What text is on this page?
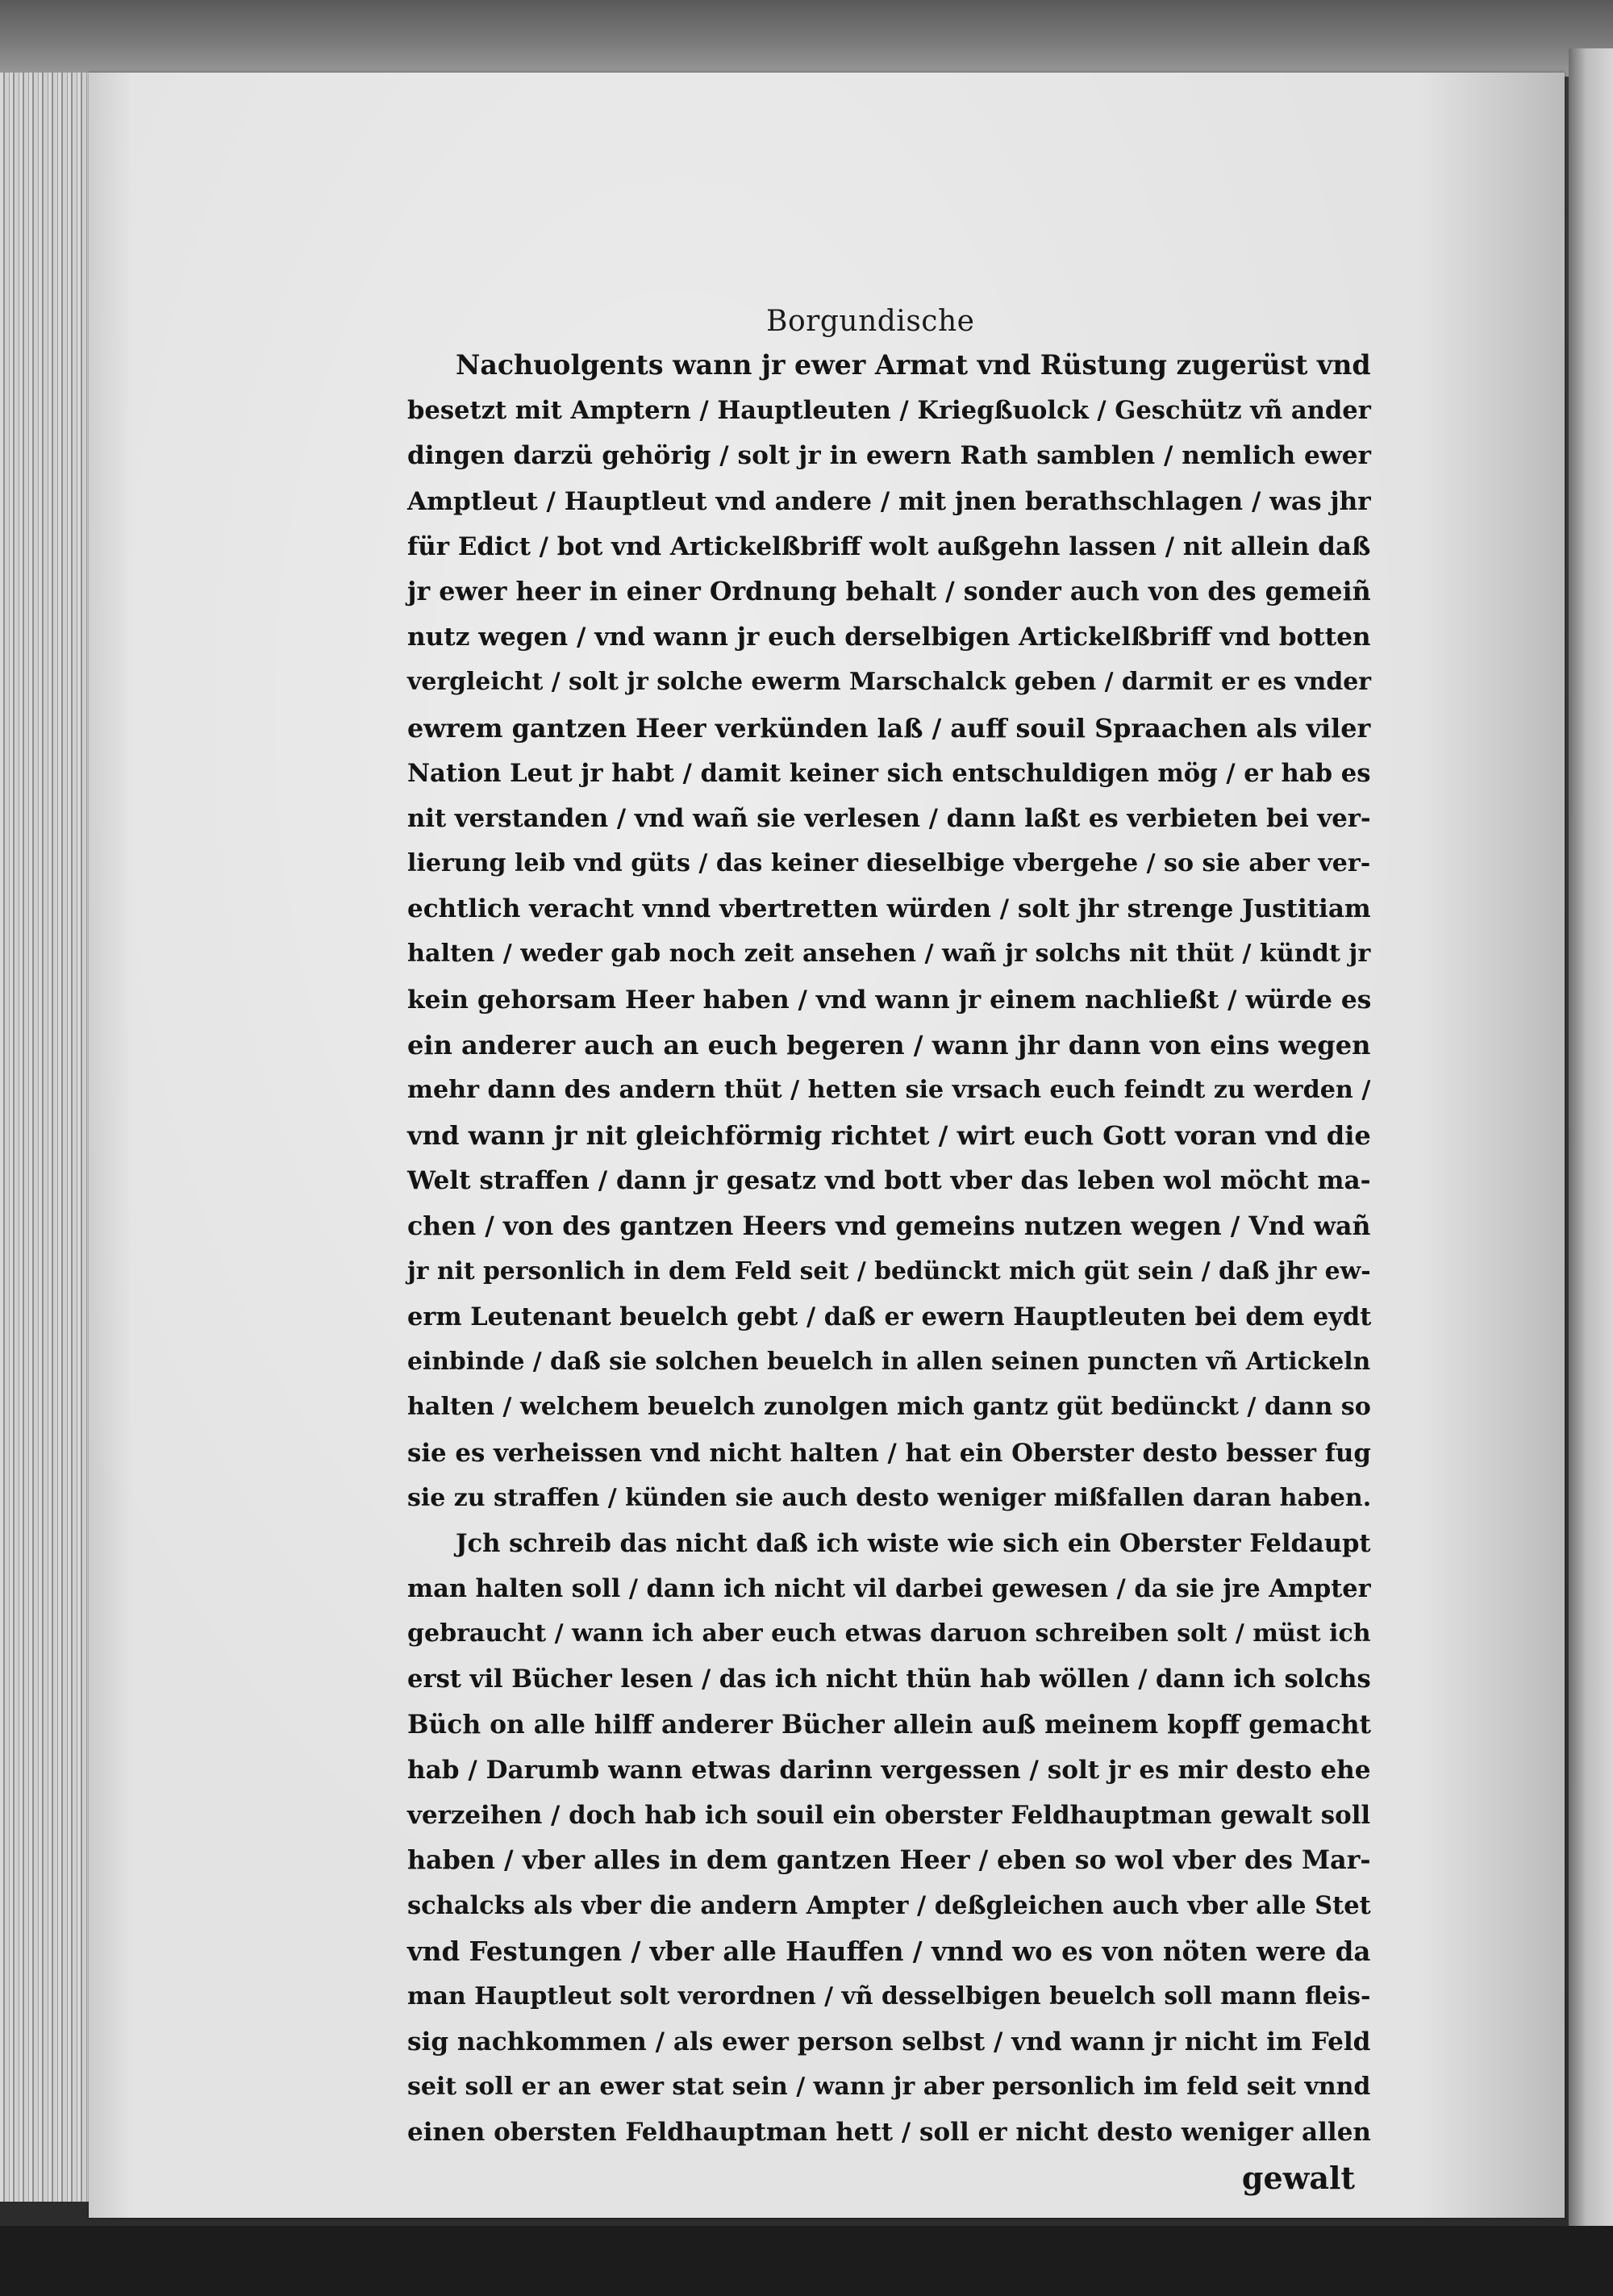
Borgundische
Nachuolgents wann jr ewer Armat vnd Rüstung zugerüst vnd
besetzt mit Amptern / Hauptleuten / Kriegßuolck / Geschütz vñ ander
dingen darzü gehörig / solt jr in ewern Rath samblen / nemlich ewer
Amptleut / Hauptleut vnd andere / mit jnen berathschlagen / was jhr
für Edict / bot vnd Artickelßbriff wolt außgehn lassen / nit allein daß
jr ewer heer in einer Ordnung behalt / sonder auch von des gemeiñ
nutz wegen / vnd wann jr euch derselbigen Artickelßbriff vnd botten
vergleicht / solt jr solche ewerm Marschalck geben / darmit er es vnder
ewrem gantzen Heer verkünden laß / auff souil Spraachen als viler
Nation Leut jr habt / damit keiner sich entschuldigen mög / er hab es
nit verstanden / vnd wañ sie verlesen / dann laßt es verbieten bei ver-
lierung leib vnd güts / das keiner dieselbige vbergehe / so sie aber ver-
echtlich veracht vnnd vbertretten würden / solt jhr strenge Justitiam
halten / weder gab noch zeit ansehen / wañ jr solchs nit thüt / kündt jr
kein gehorsam Heer haben / vnd wann jr einem nachließt / würde es
ein anderer auch an euch begeren / wann jhr dann von eins wegen
mehr dann des andern thüt / hetten sie vrsach euch feindt zu werden /
vnd wann jr nit gleichförmig richtet / wirt euch Gott voran vnd die
Welt straffen / dann jr gesatz vnd bott vber das leben wol möcht ma-
chen / von des gantzen Heers vnd gemeins nutzen wegen / Vnd wañ
jr nit personlich in dem Feld seit / bedünckt mich güt sein / daß jhr ew-
erm Leutenant beuelch gebt / daß er ewern Hauptleuten bei dem eydt
einbinde / daß sie solchen beuelch in allen seinen puncten vñ Artickeln
halten / welchem beuelch zunolgen mich gantz güt bedünckt / dann so
sie es verheissen vnd nicht halten / hat ein Oberster desto besser fug
sie zu straffen / künden sie auch desto weniger mißfallen daran haben.
Jch schreib das nicht daß ich wiste wie sich ein Oberster Feldaupt
man halten soll / dann ich nicht vil darbei gewesen / da sie jre Ampter
gebraucht / wann ich aber euch etwas daruon schreiben solt / müst ich
erst vil Bücher lesen / das ich nicht thün hab wöllen / dann ich solchs
Büch on alle hilff anderer Bücher allein auß meinem kopff gemacht
hab / Darumb wann etwas darinn vergessen / solt jr es mir desto ehe
verzeihen / doch hab ich souil ein oberster Feldhauptman gewalt soll
haben / vber alles in dem gantzen Heer / eben so wol vber des Mar-
schalcks als vber die andern Ampter / deßgleichen auch vber alle Stet
vnd Festungen / vber alle Hauffen / vnnd wo es von nöten were da
man Hauptleut solt verordnen / vñ desselbigen beuelch soll mann fleis-
sig nachkommen / als ewer person selbst / vnd wann jr nicht im Feld
seit soll er an ewer stat sein / wann jr aber personlich im feld seit vnnd
einen obersten Feldhauptman hett / soll er nicht desto weniger allen
gewalt
